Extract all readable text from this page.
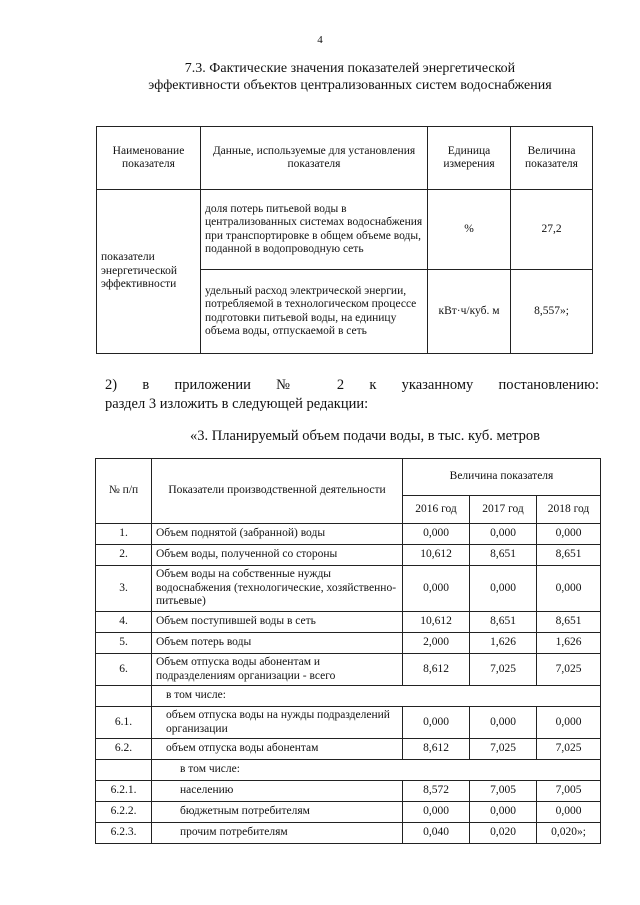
4
7.3. Фактические значения показателей энергетической эффективности объектов централизованных систем водоснабжения
Наименование показателя	Данные, используемые для установления показателя	Единица измерения	Величина показателя
показатели энергетической эффективности	доля потерь питьевой воды в централизованных системах водоснабжения при транспортировке в общем объеме воды, поданной в водопроводную сеть	%	27,2
	удельный расход электрической энергии, потребляемой в технологическом процессе подготовки питьевой воды, на единицу объема воды, отпускаемой в сеть	кВт·ч/куб. м	8,557»;
2) в приложении № 2 к указанному постановлению:
раздел 3 изложить в следующей редакции:
«3. Планируемый объем подачи воды, в тыс. куб. метров
№ п/п	Показатели производственной деятельности	Величина показателя		
		2016 год	2017 год	2018 год
1.	Объем поднятой (забранной) воды	0,000	0,000	0,000
2.	Объем воды, полученной со стороны	10,612	8,651	8,651
3.	Объем воды на собственные нужды водоснабжения (технологические, хозяйственно-питьевые)	0,000	0,000	0,000
4.	Объем поступившей воды в сеть	10,612	8,651	8,651
5.	Объем потерь воды	2,000	1,626	1,626
6.	Объем отпуска воды абонентам и подразделениям организации - всего	8,612	7,025	7,025
	в том числе:			
6.1.	объем отпуска воды на нужды подразделений организации	0,000	0,000	0,000
6.2.	объем отпуска воды абонентам	8,612	7,025	7,025
	в том числе:			
6.2.1.	населению	8,572	7,005	7,005
6.2.2.	бюджетным потребителям	0,000	0,000	0,000
6.2.3.	прочим потребителям	0,040	0,020	0,020»;
